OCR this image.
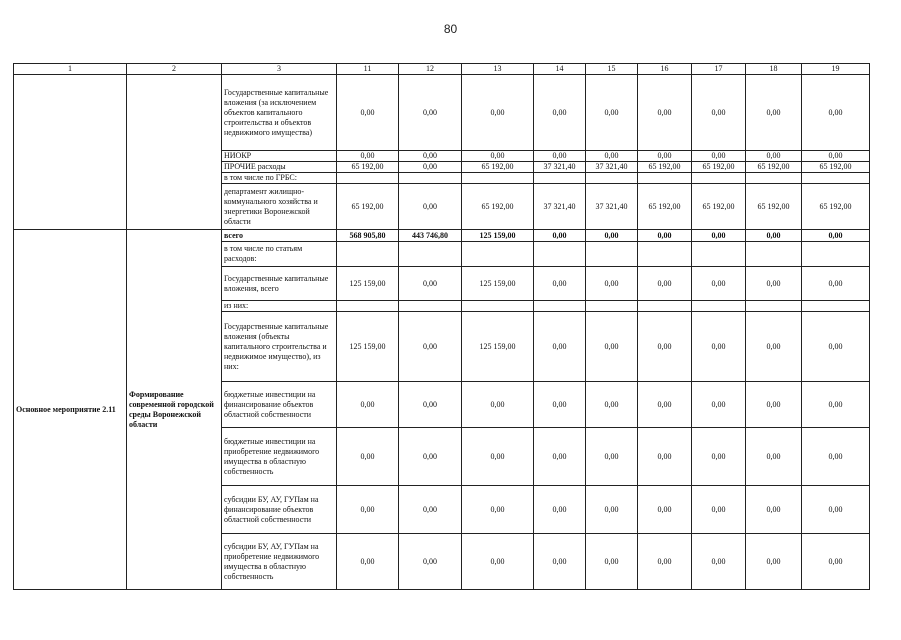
80
1	2	3	11	12	13	14	15	16	17	18	19
		Государственные капитальные вложения (за исключением объектов капитального строительства и объектов недвижимого имущества)	0,00	0,00	0,00	0,00	0,00	0,00	0,00	0,00	0,00
		НИОКР	0,00	0,00	0,00	0,00	0,00	0,00	0,00	0,00	0,00
		ПРОЧИЕ расходы	65 192,00	0,00	65 192,00	37 321,40	37 321,40	65 192,00	65 192,00	65 192,00	65 192,00
		в том числе по ГРБС:									
		департамент жилищно-коммунального хозяйства и энергетики Воронежской области	65 192,00	0,00	65 192,00	37 321,40	37 321,40	65 192,00	65 192,00	65 192,00	65 192,00
Основное мероприятие 2.11	Формирование современной городской среды Воронежской области	всего	568 905,80	443 746,80	125 159,00	0,00	0,00	0,00	0,00	0,00	0,00
		в том числе по статьям расходов:									
		Государственные капитальные вложения, всего	125 159,00	0,00	125 159,00	0,00	0,00	0,00	0,00	0,00	0,00
		из них:									
		Государственные капитальные вложения (объекты капитального строительства и недвижимое имущество), из них:	125 159,00	0,00	125 159,00	0,00	0,00	0,00	0,00	0,00	0,00
		бюджетные инвестиции на финансирование объектов областной собственности	0,00	0,00	0,00	0,00	0,00	0,00	0,00	0,00	0,00
		бюджетные инвестиции на приобретение недвижимого имущества в областную собственность	0,00	0,00	0,00	0,00	0,00	0,00	0,00	0,00	0,00
		субсидии БУ, АУ, ГУПам на финансирование объектов областной собственности	0,00	0,00	0,00	0,00	0,00	0,00	0,00	0,00	0,00
		субсидии БУ, АУ, ГУПам на приобретение недвижимого имущества в областную собственность	0,00	0,00	0,00	0,00	0,00	0,00	0,00	0,00	0,00
